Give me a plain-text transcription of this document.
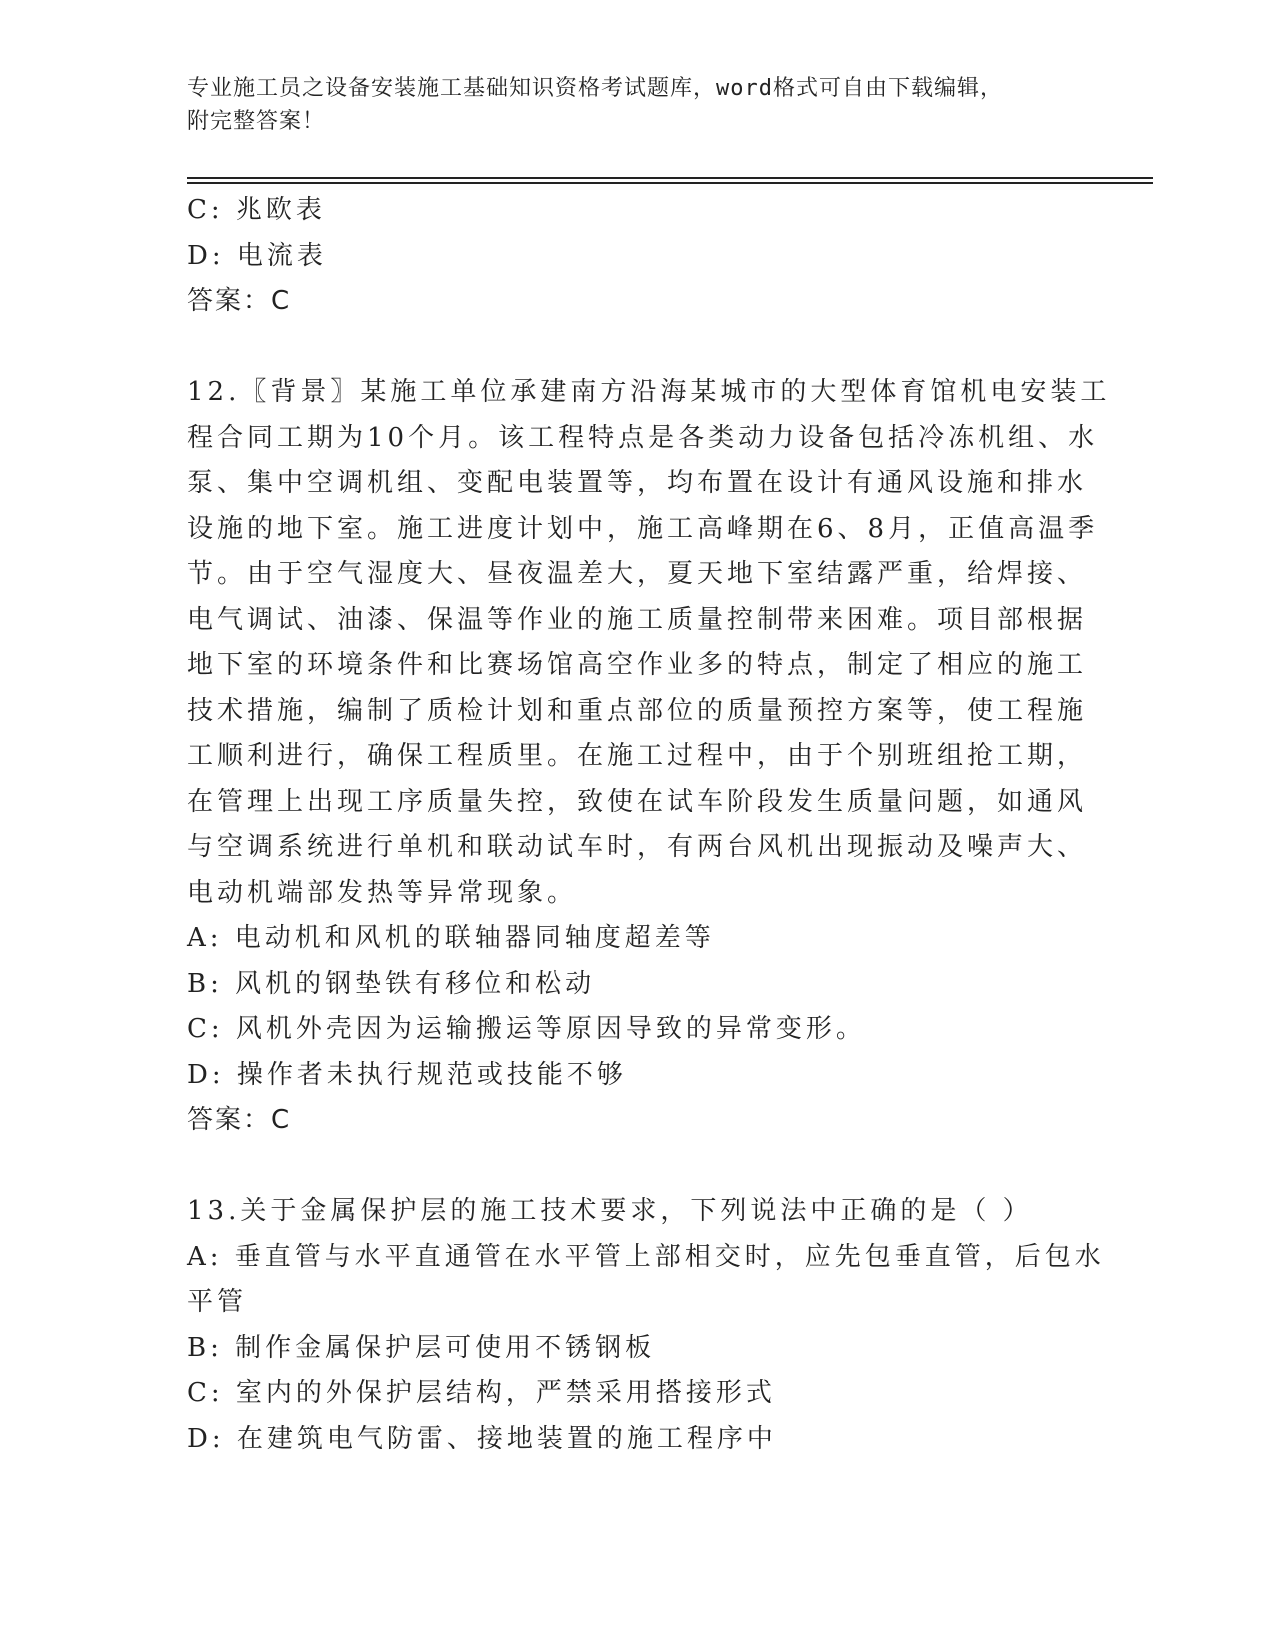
专业施工员之设备安装施工基础知识资格考试题库，word格式可自由下载编辑，
附完整答案！

C: 兆欧表

D: 电流表

答案：C

12.〖背景〗某施工单位承建南方沿海某城市的大型体育馆机电安装工

程合同工期为10个月。该工程特点是各类动力设备包括冷冻机组、水

泵、集中空调机组、变配电装置等，均布置在设计有通风设施和排水

设施的地下室。施工进度计划中，施工高峰期在6、8月，正值高温季

节。由于空气湿度大、昼夜温差大，夏天地下室结露严重，给焊接、

电气调试、油漆、保温等作业的施工质量控制带来困难。项目部根据

地下室的环境条件和比赛场馆高空作业多的特点，制定了相应的施工

技术措施，编制了质检计划和重点部位的质量预控方案等，使工程施

工顺利进行，确保工程质里。在施工过程中，由于个别班组抢工期，

在管理上出现工序质量失控，致使在试车阶段发生质量问题，如通风

与空调系统进行单机和联动试车时，有两台风机出现振动及噪声大、

电动机端部发热等异常现象。

A: 电动机和风机的联轴器同轴度超差等

B: 风机的钢垫铁有移位和松动

C: 风机外壳因为运输搬运等原因导致的异常变形。

D: 操作者未执行规范或技能不够

答案：C

13.关于金属保护层的施工技术要求，下列说法中正确的是（ ）

A: 垂直管与水平直通管在水平管上部相交时，应先包垂直管，后包水

平管

B: 制作金属保护层可使用不锈钢板

C: 室内的外保护层结构，严禁采用搭接形式

D: 在建筑电气防雷、接地装置的施工程序中
